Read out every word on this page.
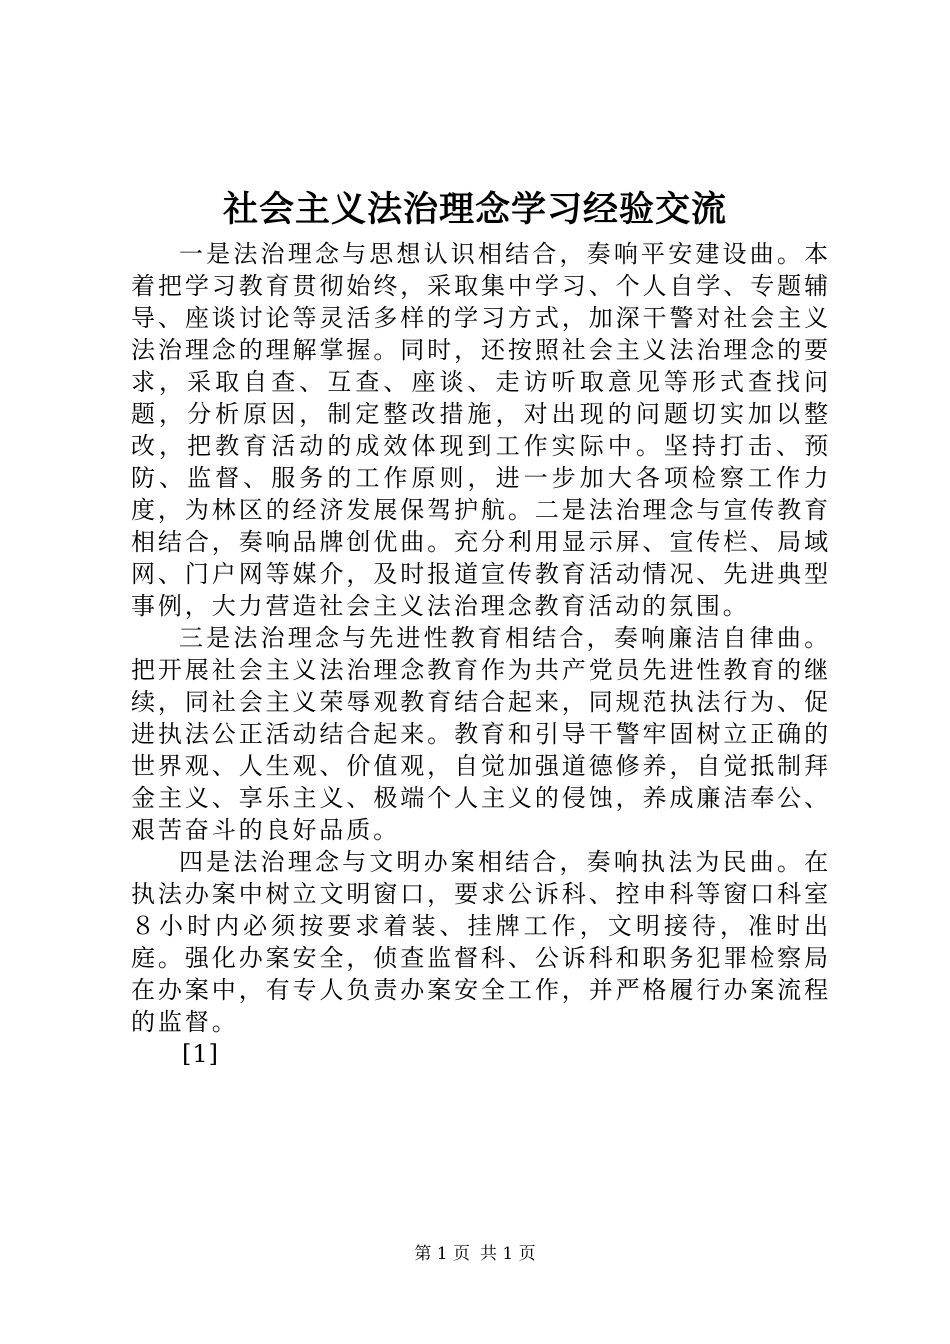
社会主义法治理念学习经验交流

一是法治理念与思想认识相结合，奏响平安建设曲。本着把学习教育贯彻始终，采取集中学习、个人自学、专题辅导、座谈讨论等灵活多样的学习方式，加深干警对社会主义法治理念的理解掌握。同时，还按照社会主义法治理念的要求，采取自查、互查、座谈、走访听取意见等形式查找问题，分析原因，制定整改措施，对出现的问题切实加以整改，把教育活动的成效体现到工作实际中。坚持打击、预防、监督、服务的工作原则，进一步加大各项检察工作力度，为林区的经济发展保驾护航。二是法治理念与宣传教育相结合，奏响品牌创优曲。充分利用显示屏、宣传栏、局域网、门户网等媒介，及时报道宣传教育活动情况、先进典型事例，大力营造社会主义法治理念教育活动的氛围。

三是法治理念与先进性教育相结合，奏响廉洁自律曲。把开展社会主义法治理念教育作为共产党员先进性教育的继续，同社会主义荣辱观教育结合起来，同规范执法行为、促进执法公正活动结合起来。教育和引导干警牢固树立正确的世界观、人生观、价值观，自觉加强道德修养，自觉抵制拜金主义、享乐主义、极端个人主义的侵蚀，养成廉洁奉公、艰苦奋斗的良好品质。

四是法治理念与文明办案相结合，奏响执法为民曲。在执法办案中树立文明窗口，要求公诉科、控申科等窗口科室８小时内必须按要求着装、挂牌工作，文明接待，准时出庭。强化办案安全，侦查监督科、公诉科和职务犯罪检察局在办案中，有专人负责办案安全工作，并严格履行办案流程的监督。

[1]

第 1 页 共 1 页
